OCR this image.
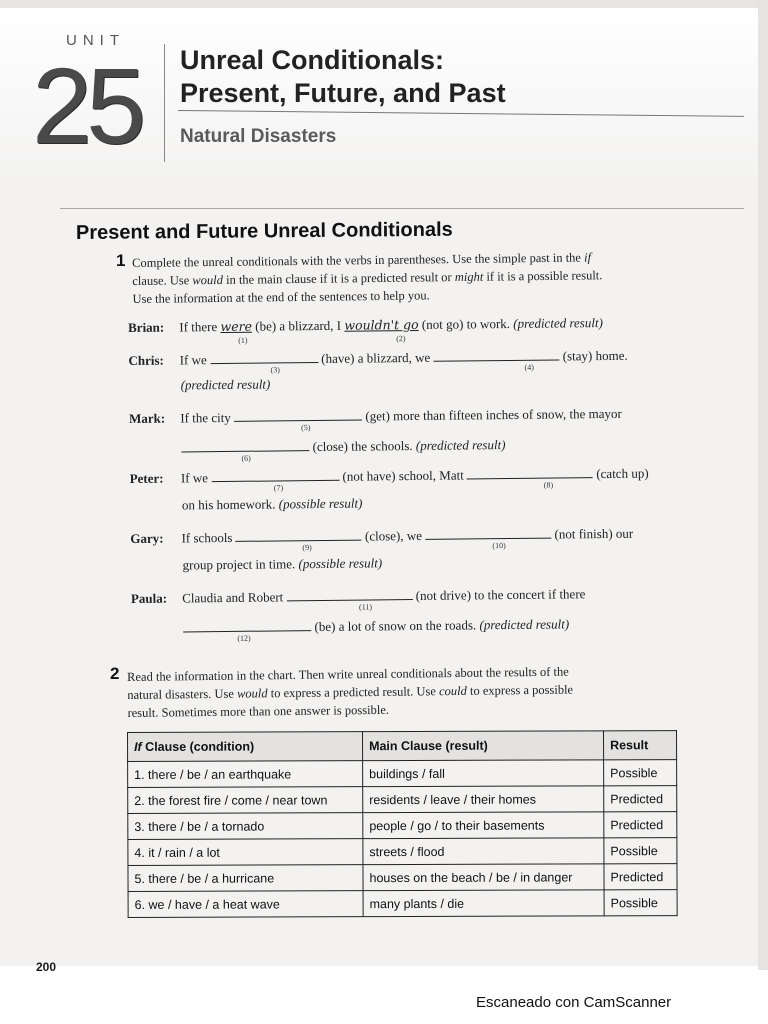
UNIT
25 Unreal Conditionals:
Present, Future, and Past
Natural Disasters
Present and Future Unreal Conditionals
1 Complete the unreal conditionals with the verbs in parentheses. Use the simple past in the if
clause. Use would in the main clause if it is a predicted result or might if it is a possible result.
Use the information at the end of the sentences to help you.
Brian: If there were (be) a blizzard, I wouldn't go (not go) to work. (predicted result)
(1)	(2)
Chris: If we	(have) a blizzard, we	(stay) home.
(3)	(4)
(predicted result)
Mark: If the city	(get) more than fifteen inches of snow, the mayor
(5)
(close) the schools. (predicted result)
(6)
Peter: If we	(not have) school, Matt	(catch up)
(7)	(8)
on his homework. (possible result)
Gary: If schools	(close), we	(not finish) our
(9)	(10)
group project in time. (possible result)
Paula: Claudia and Robert	(not drive) to the concert if there
(11)
(be) a lot of snow on the roads. (predicted result)
(12)
2 Read the information in the chart. Then write unreal conditionals about the results of the
natural disasters. Use would to express a predicted result. Use could to express a possible
result. Sometimes more than one answer is possible.
If Clause (condition)	Main Clause (result)	Result
1. there / be / an earthquake	buildings / fall	Possible
2. the forest fire / come / near town	residents / leave / their homes	Predicted
3. there / be / a tornado	people / go / to their basements	Predicted
4. it / rain / a lot	streets / flood	Possible
5. there / be / a hurricane	houses on the beach / be / in danger	Predicted
6. we / have / a heat wave	many plants / die	Possible
200
Escaneado con CamScanner
